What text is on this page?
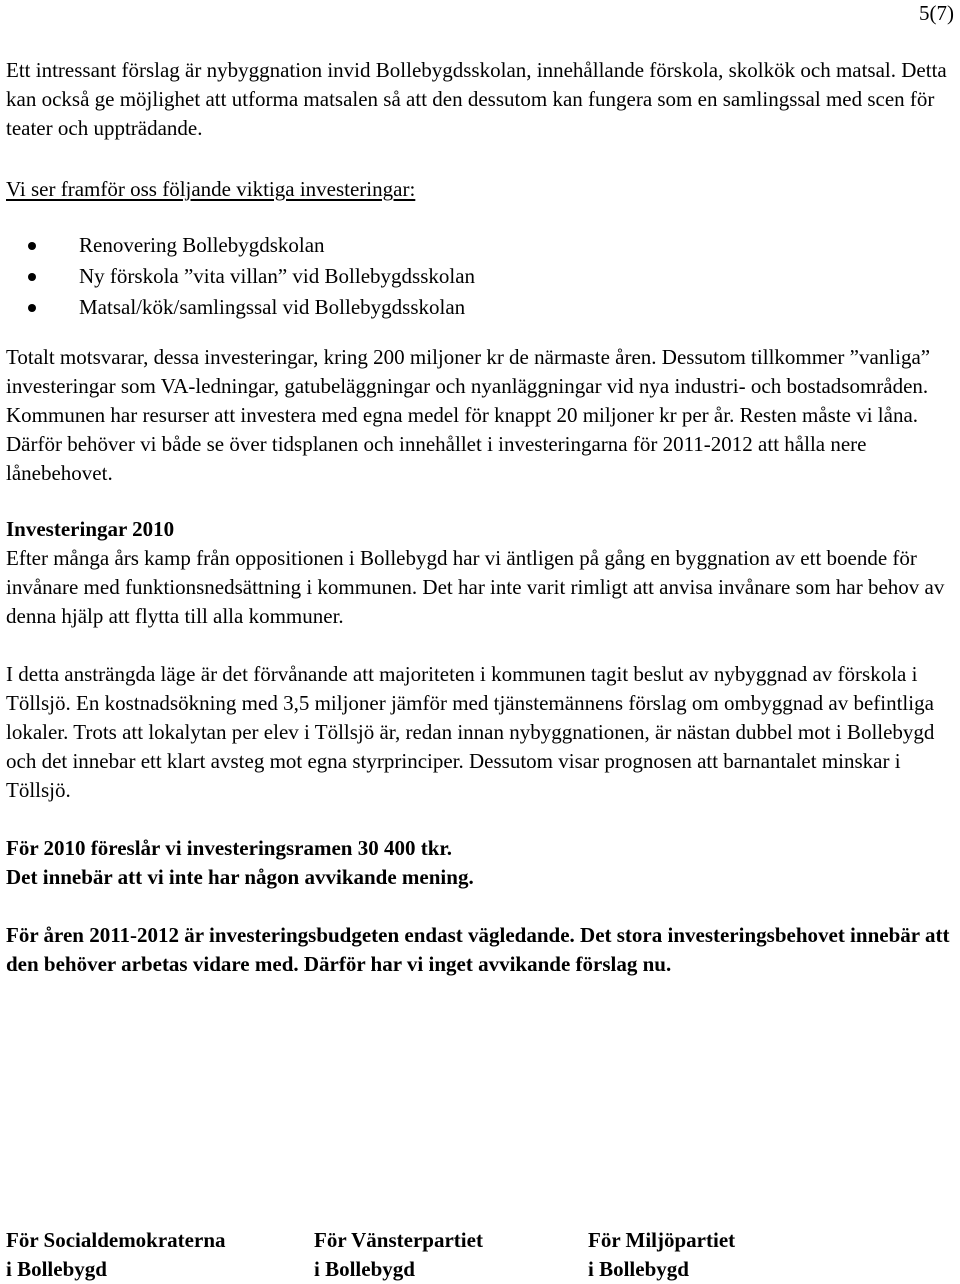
5(7)

Ett intressant förslag är nybyggnation invid Bollebygdsskolan, innehållande förskola, skolkök och matsal. Detta kan också ge möjlighet att utforma matsalen så att den dessutom kan fungera som en samlingssal med scen för teater och uppträdande.

Vi ser framför oss följande viktiga investeringar:

Renovering Bollebygdskolan
Ny förskola ”vita villan” vid Bollebygdsskolan
Matsal/kök/samlingssal vid Bollebygdsskolan

Totalt motsvarar, dessa investeringar, kring 200 miljoner kr de närmaste åren. Dessutom tillkommer ”vanliga” investeringar som VA-ledningar, gatubeläggningar och nyanläggningar vid nya industri- och bostadsområden.

Kommunen har resurser att investera med egna medel för knappt 20 miljoner kr per år. Resten måste vi låna. Därför behöver vi både se över tidsplanen och innehållet i investeringarna för 2011-2012 att hålla nere lånebehovet.

Investeringar 2010

Efter många års kamp från oppositionen i Bollebygd har vi äntligen på gång en byggnation av ett boende för invånare med funktionsnedsättning i kommunen. Det har inte varit rimligt att anvisa invånare som har behov av denna hjälp att flytta till alla kommuner.

I detta ansträngda läge är det förvånande att majoriteten i kommunen tagit beslut av nybyggnad av förskola i Töllsjö. En kostnadsökning med 3,5 miljoner jämför med tjänstemännens förslag om ombyggnad av befintliga lokaler. Trots att lokalytan per elev i Töllsjö är, redan innan nybyggnationen, är nästan dubbel mot i Bollebygd och det innebar ett klart avsteg mot egna styrprinciper. Dessutom visar prognosen att barnantalet minskar i Töllsjö.

För 2010 föreslår vi investeringsramen 30 400 tkr.

Det innebär att vi inte har någon avvikande mening.

För åren 2011-2012 är investeringsbudgeten endast vägledande. Det stora investeringsbehovet innebär att den behöver arbetas vidare med. Därför har vi inget avvikande förslag nu.

För Socialdemokraterna
i Bollebygd
För Vänsterpartiet
i Bollebygd
För Miljöpartiet
i Bollebygd
